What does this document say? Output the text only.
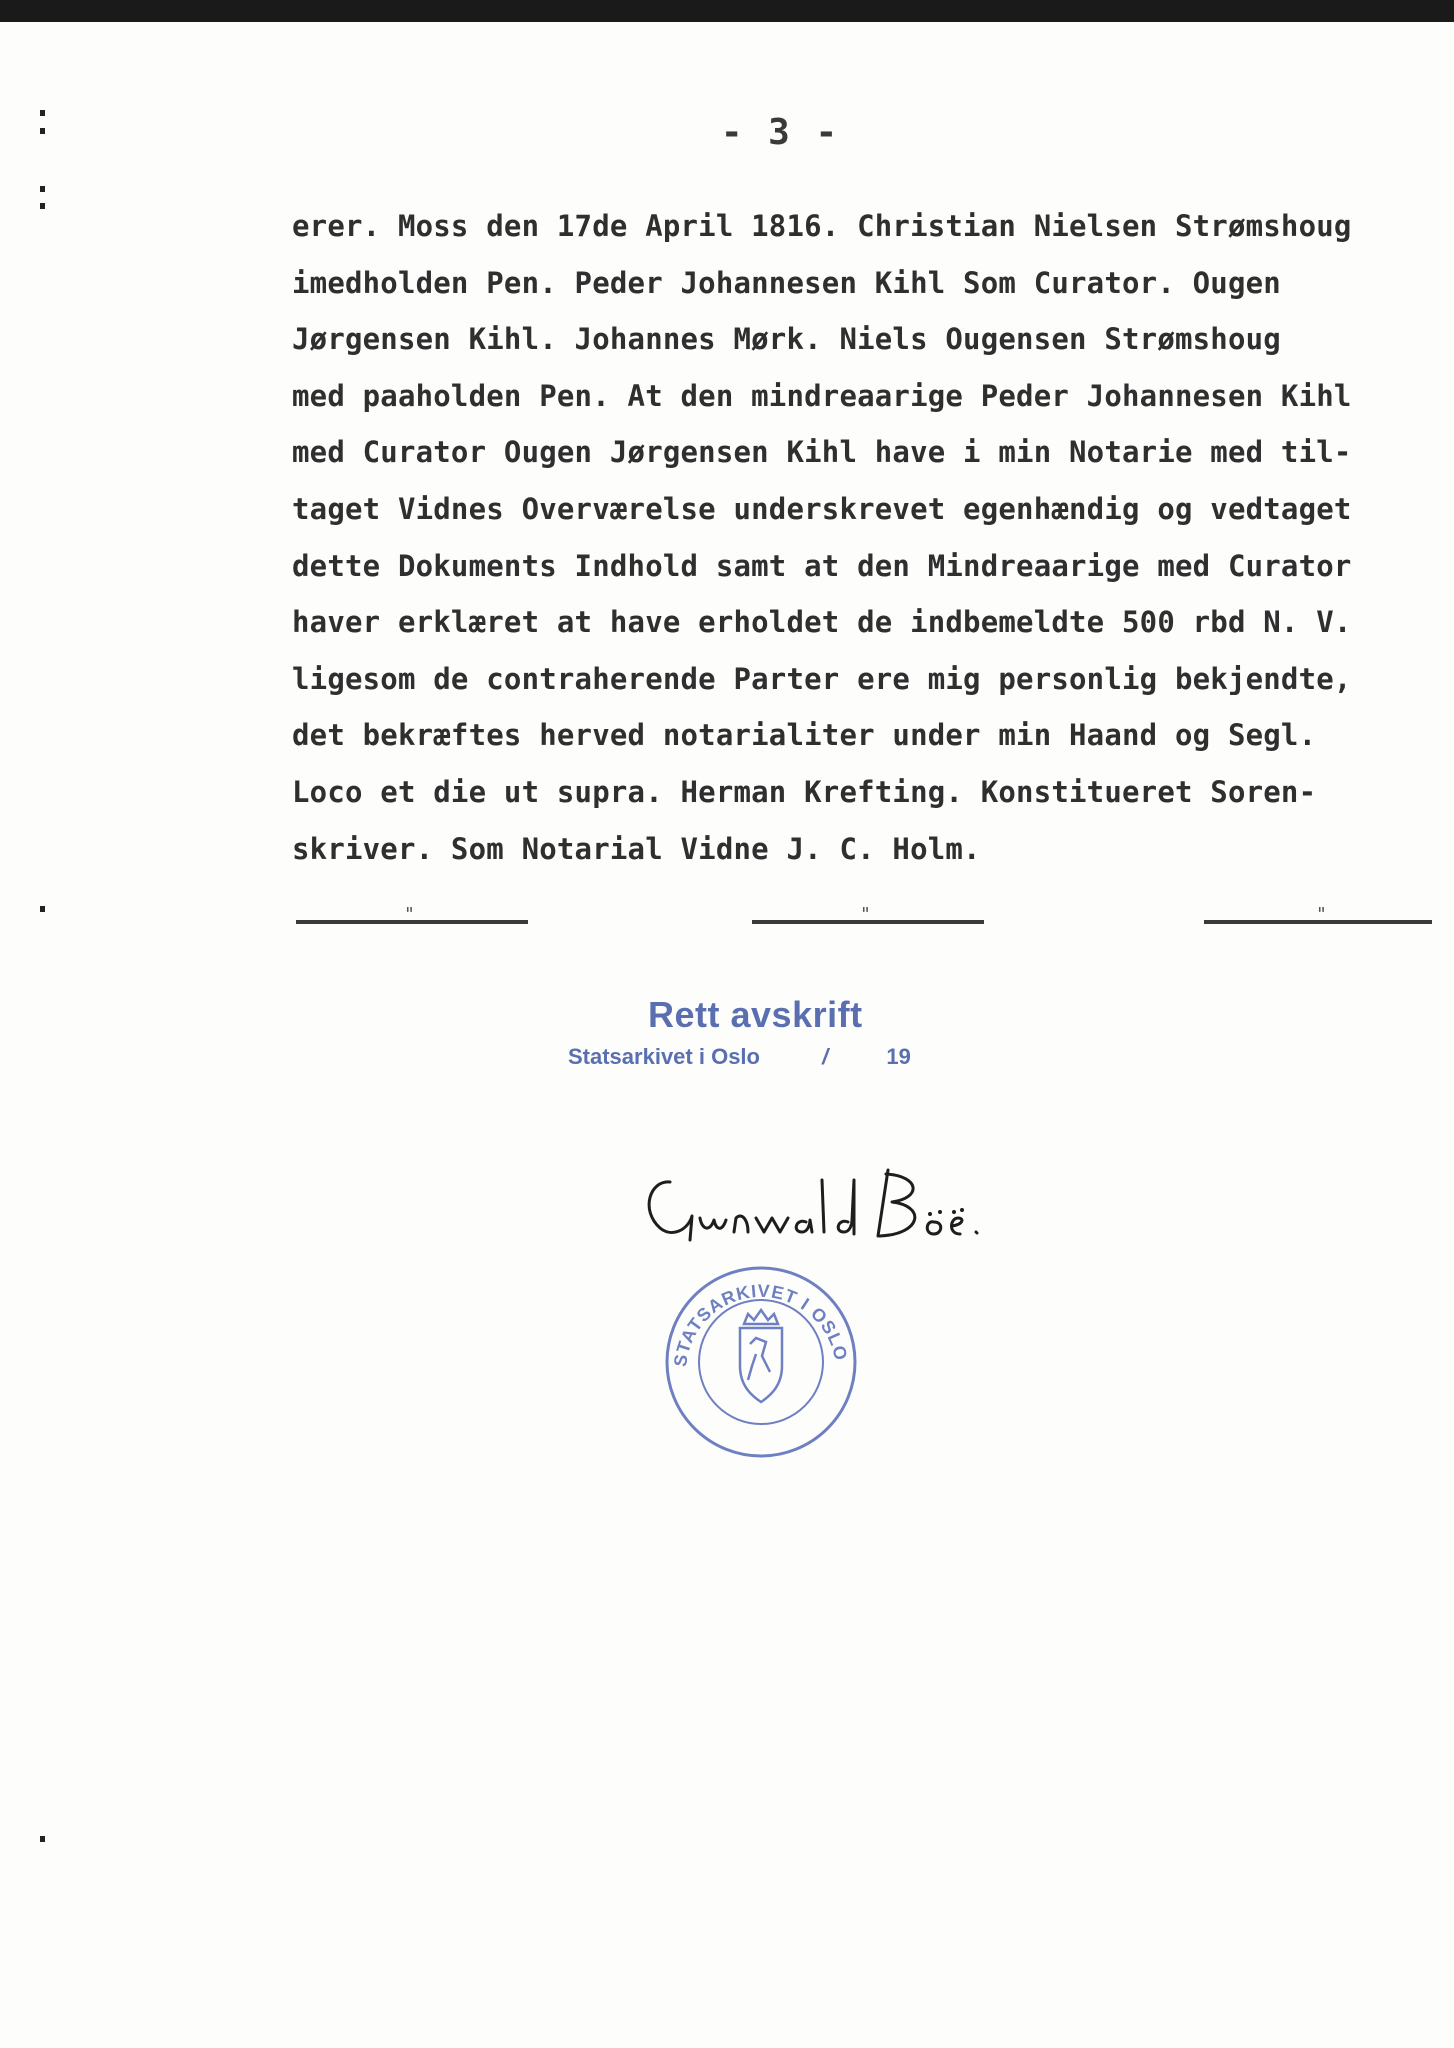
- 3 -
erer. Moss den 17de April 1816. Christian Nielsen Strømshoug
imedholden Pen. Peder Johannesen Kihl Som Curator. Ougen
Jørgensen Kihl. Johannes Mørk. Niels Ougensen Strømshoug
med paaholden Pen. At den mindreaarige Peder Johannesen Kihl
med Curator Ougen Jørgensen Kihl have i min Notarie med til-
taget Vidnes Overværelse underskrevet egenhændig og vedtaget
dette Dokuments Indhold samt at den Mindreaarige med Curator
haver erklæret at have erholdet de indbemeldte 500 rbd N. V.
ligesom de contraherende Parter ere mig personlig bekjendte,
det bekræftes herved notarialiter under min Haand og Segl.
Loco et die ut supra. Herman Krefting. Konstitueret Soren-
skriver. Som Notarial Vidne J. C. Holm.
"	"	"
Rett avskrift
Statsarkivet i Oslo	/	19
STATSARKIVET I OSLO
